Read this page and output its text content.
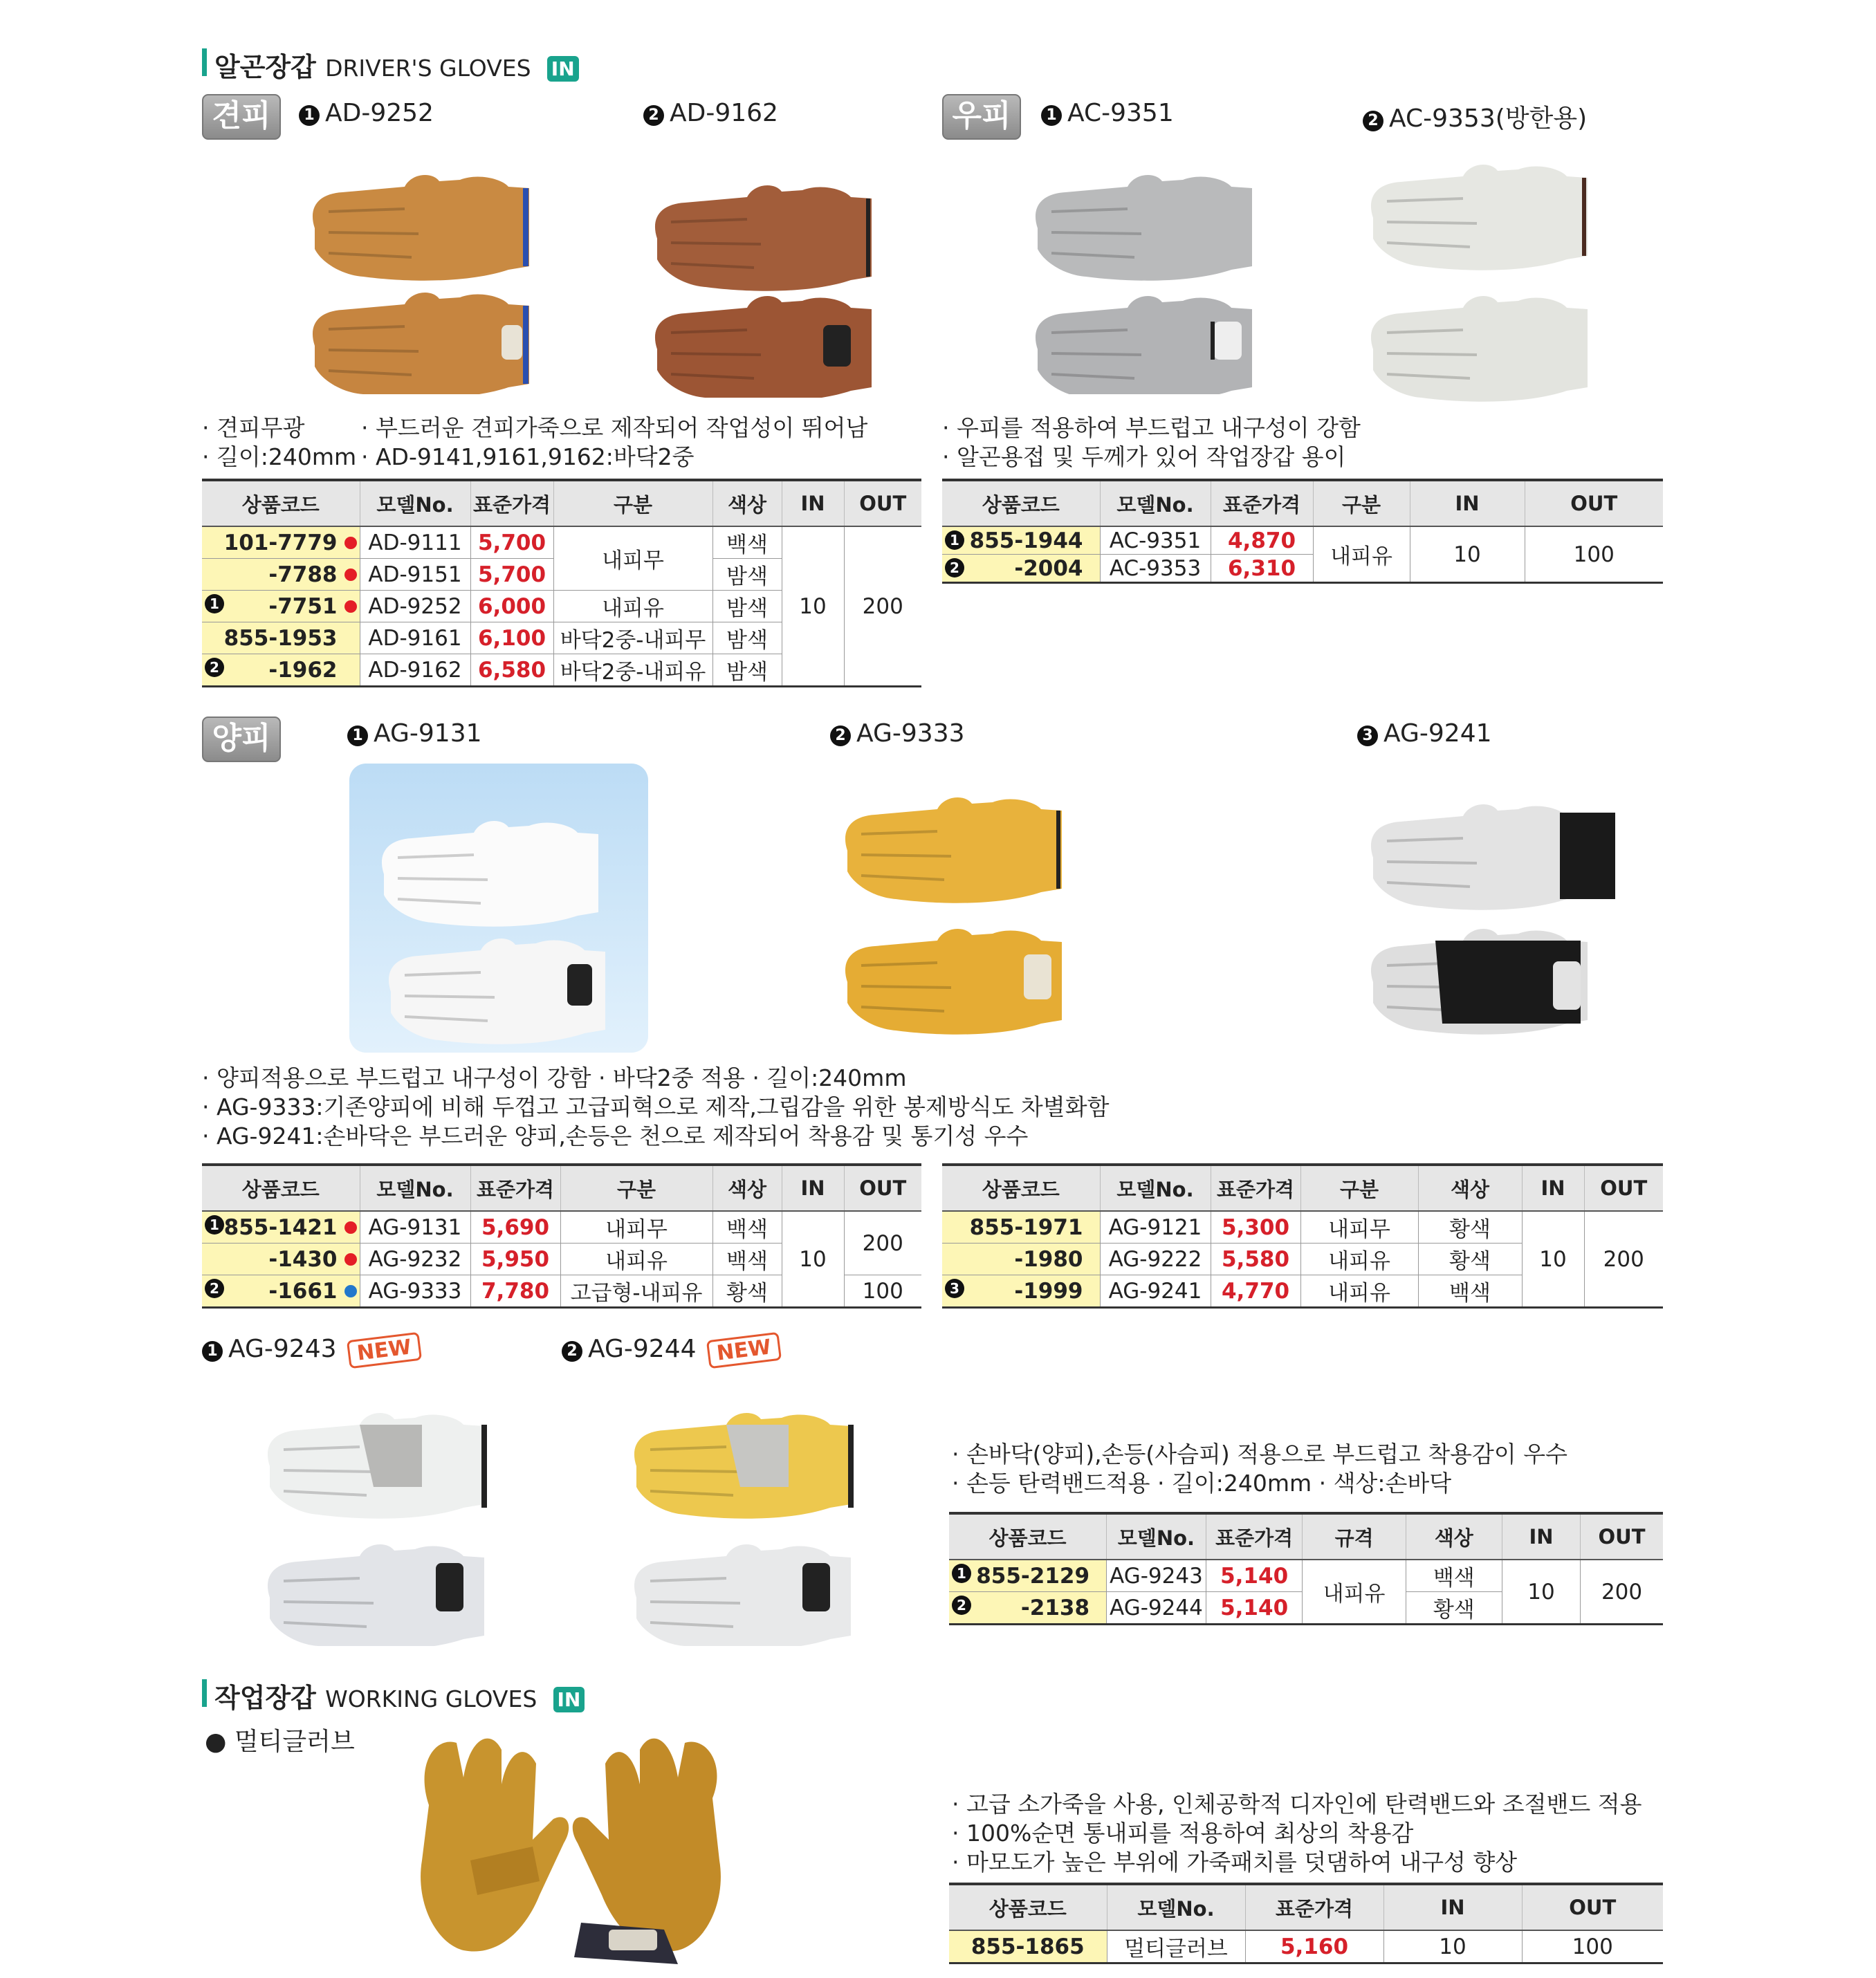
알곤장갑 DRIVER'S GLOVES IN
견피	우피
양피
1 AD-9252	2 AD-9162	1 AC-9351	2 AC-9353(방한용)
· 견피무광 · 부드러운 견피가죽으로 제작되어 작업성이 뛰어남
· 길이:240mm · AD-9141,9161,9162:바닥2중
· 우피를 적용하여 부드럽고 내구성이 강함
· 알곤용접 및 두께가 있어 작업장갑 용이
상품코드	모델No.	표준가격	구분	색상	IN	OUT
101-7779	AD-9111	5,700	내피무	백색	10	200
-7788	AD-9151	5,700		밤색		

1 -7751	AD-9252	6,000	내피유	밤색		
855-1953	AD-9161	6,100	바닥2중-내피무	밤색		

2 -1962	AD-9162	6,580	바닥2중-내피유	밤색		
상품코드	모델No.	표준가격	구분	IN	OUT

1 855-1944	AC-9351	4,870	내피유	10	100

2 -2004	AC-9353	6,310			
1 AG-9131	2 AG-9333	3 AG-9241
· 양피적용으로 부드럽고 내구성이 강함 · 바닥2중 적용 · 길이:240mm
· AG-9333:기존양피에 비해 두껍고 고급피혁으로 제작,그립감을 위한 봉제방식도 차별화함
· AG-9241:손바닥은 부드러운 양피,손등은 천으로 제작되어 착용감 및 통기성 우수
상품코드	모델No.	표준가격	구분	색상	IN	OUT

1 855-1421	AG-9131	5,690	내피무	백색	10	200
-1430	AG-9232	5,950	내피유	백색		

2 -1661	AG-9333	7,780	고급형-내피유	황색		100
상품코드	모델No.	표준가격	구분	색상	IN	OUT
855-1971	AG-9121	5,300	내피무	황색	10	200
-1980	AG-9222	5,580	내피유	황색		

3 -1999	AG-9241	4,770	내피유	백색		
1 AG-9243 NEW	2 AG-9244 NEW
· 손바닥(양피),손등(사슴피) 적용으로 부드럽고 착용감이 우수
· 손등 탄력밴드적용 · 길이:240mm · 색상:손바닥
상품코드	모델No.	표준가격	규격	색상	IN	OUT

1 855-2129	AG-9243	5,140	내피유	백색	10	200

2 -2138	AG-9244	5,140		황색		
작업장갑 WORKING GLOVES IN
● 멀티글러브
· 고급 소가죽을 사용, 인체공학적 디자인에 탄력밴드와 조절밴드 적용
· 100%순면 통내피를 적용하여 최상의 착용감
· 마모도가 높은 부위에 가죽패치를 덧댐하여 내구성 향상
상품코드	모델No.	표준가격	IN	OUT
855-1865	멀티글러브	5,160	10	100
